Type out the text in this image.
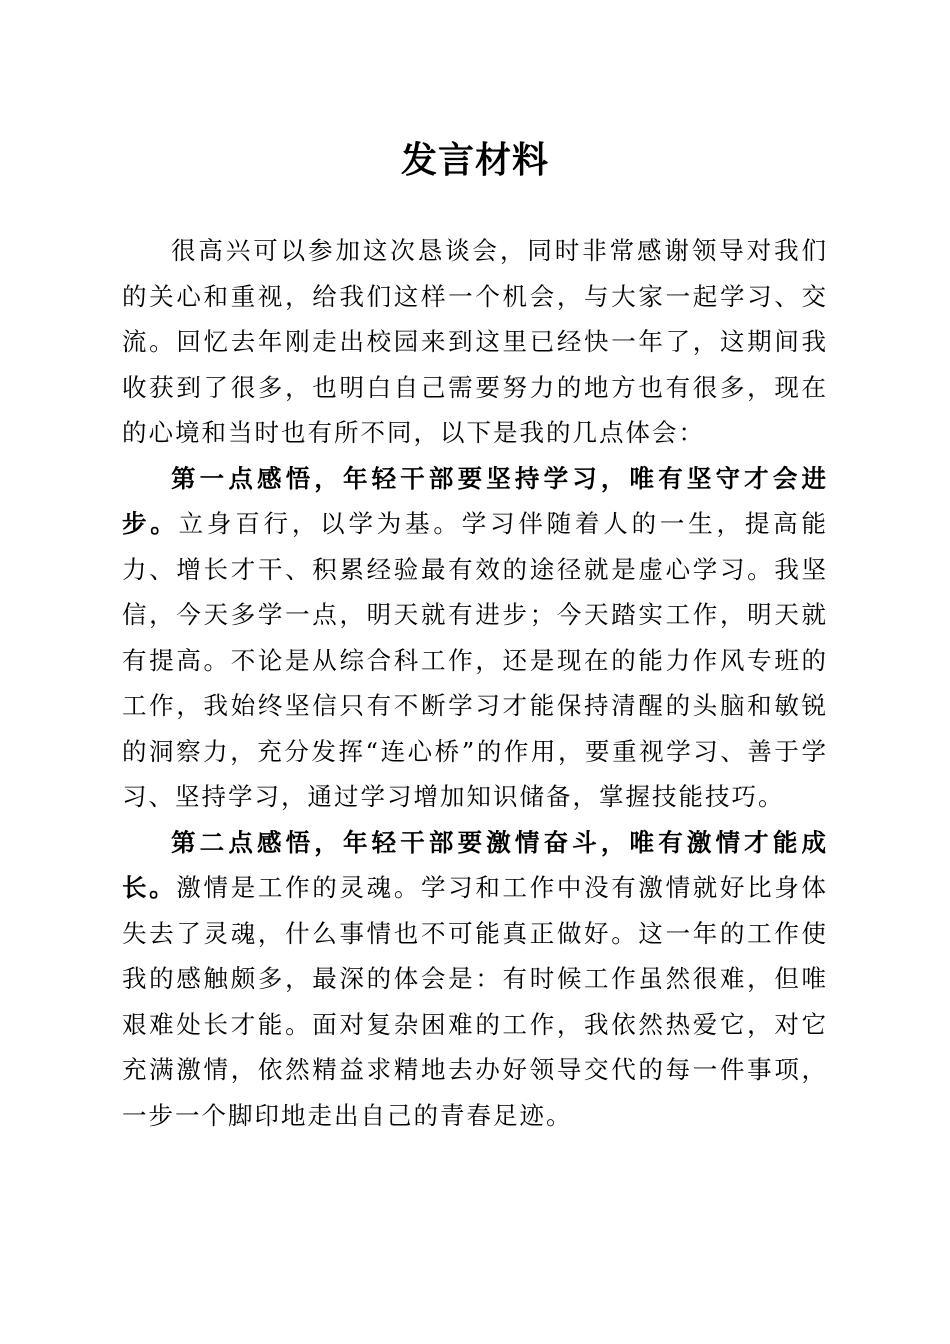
发言材料

很高兴可以参加这次恳谈会，同时非常感谢领导对我们的关心和重视，给我们这样一个机会，与大家一起学习、交流。回忆去年刚走出校园来到这里已经快一年了，这期间我收获到了很多，也明白自己需要努力的地方也有很多，现在的心境和当时也有所不同，以下是我的几点体会：

第一点感悟，年轻干部要坚持学习，唯有坚守才会进步。立身百行，以学为基。学习伴随着人的一生，提高能力、增长才干、积累经验最有效的途径就是虚心学习。我坚信，今天多学一点，明天就有进步；今天踏实工作，明天就有提高。不论是从综合科工作，还是现在的能力作风专班的工作，我始终坚信只有不断学习才能保持清醒的头脑和敏锐的洞察力，充分发挥“连心桥”的作用，要重视学习、善于学习、坚持学习，通过学习增加知识储备，掌握技能技巧。

第二点感悟，年轻干部要激情奋斗，唯有激情才能成长。激情是工作的灵魂。学习和工作中没有激情就好比身体失去了灵魂，什么事情也不可能真正做好。这一年的工作使我的感触颇多，最深的体会是：有时候工作虽然很难，但唯艰难处长才能。面对复杂困难的工作，我依然热爱它，对它充满激情，依然精益求精地去办好领导交代的每一件事项，一步一个脚印地走出自己的青春足迹。
